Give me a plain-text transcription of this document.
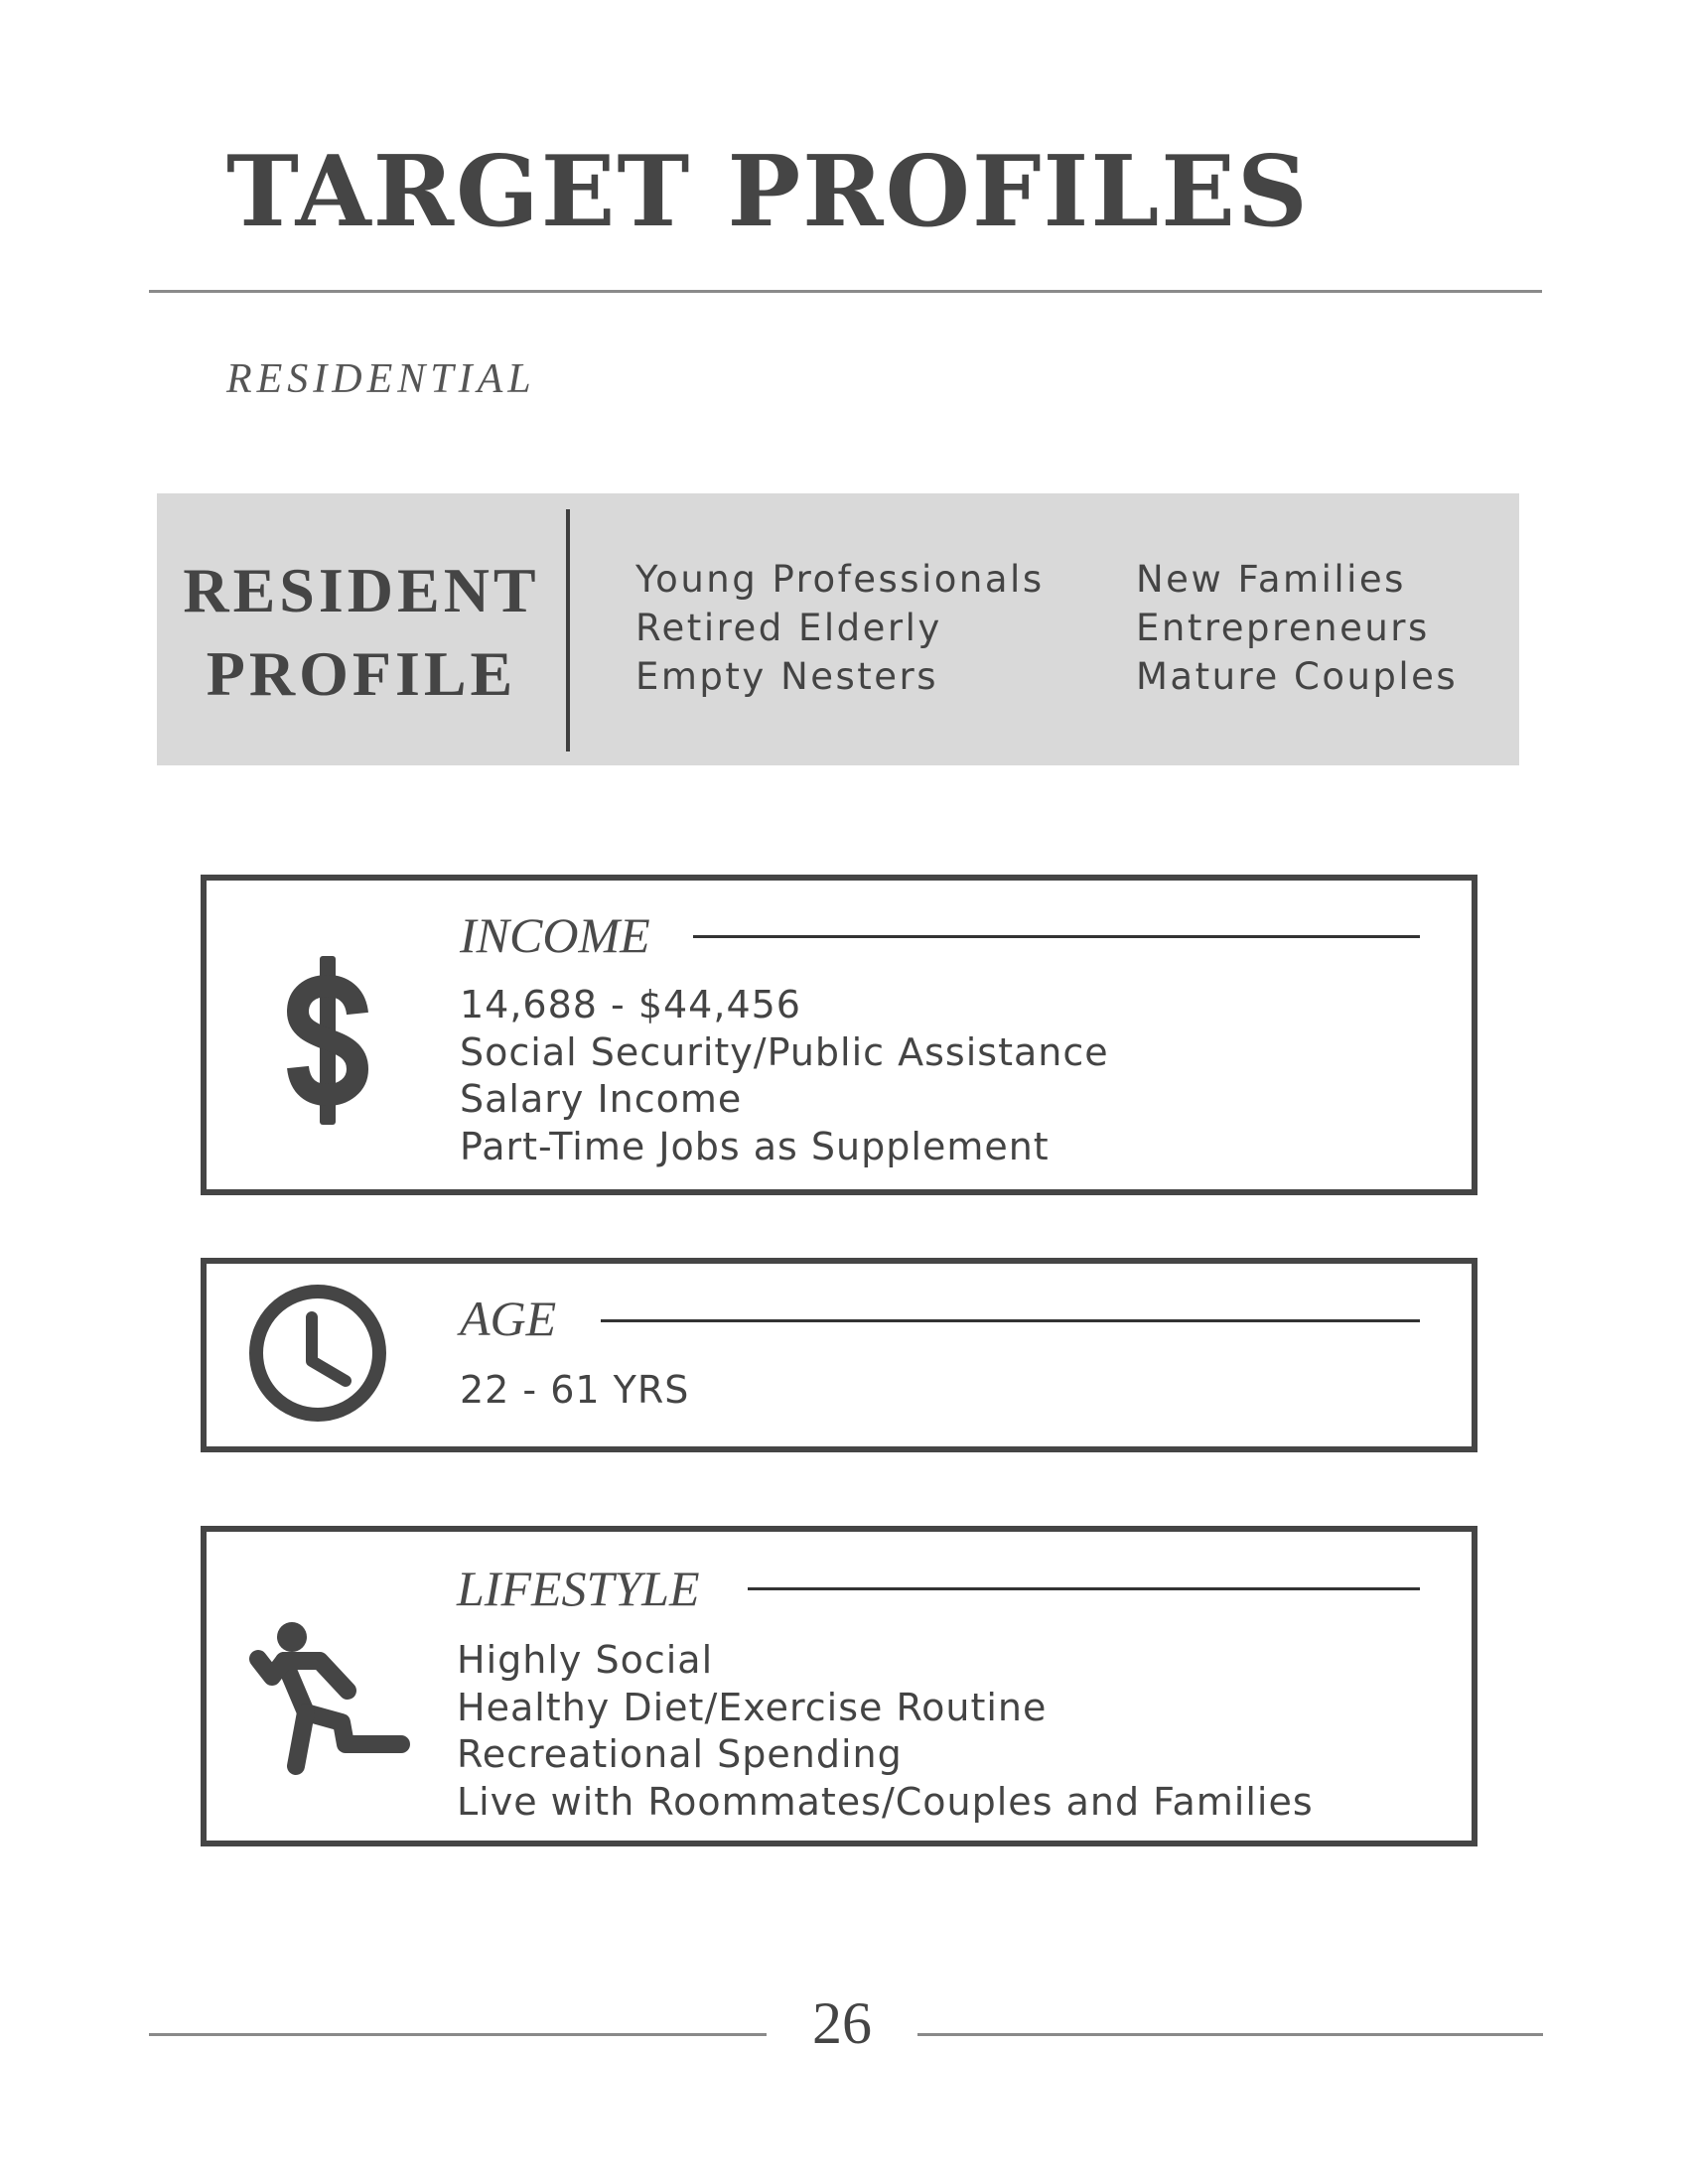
TARGET PROFILES
RESIDENTIAL
RESIDENT
PROFILE
Young Professionals
Retired Elderly
Empty Nesters
New Families
Entrepreneurs
Mature Couples
INCOME
14,688 - $44,456
Social Security/Public Assistance
Salary Income
Part-Time Jobs as Supplement
AGE
22 - 61 YRS
LIFESTYLE
Highly Social
Healthy Diet/Exercise Routine
Recreational Spending
Live with Roommates/Couples and Families
26
